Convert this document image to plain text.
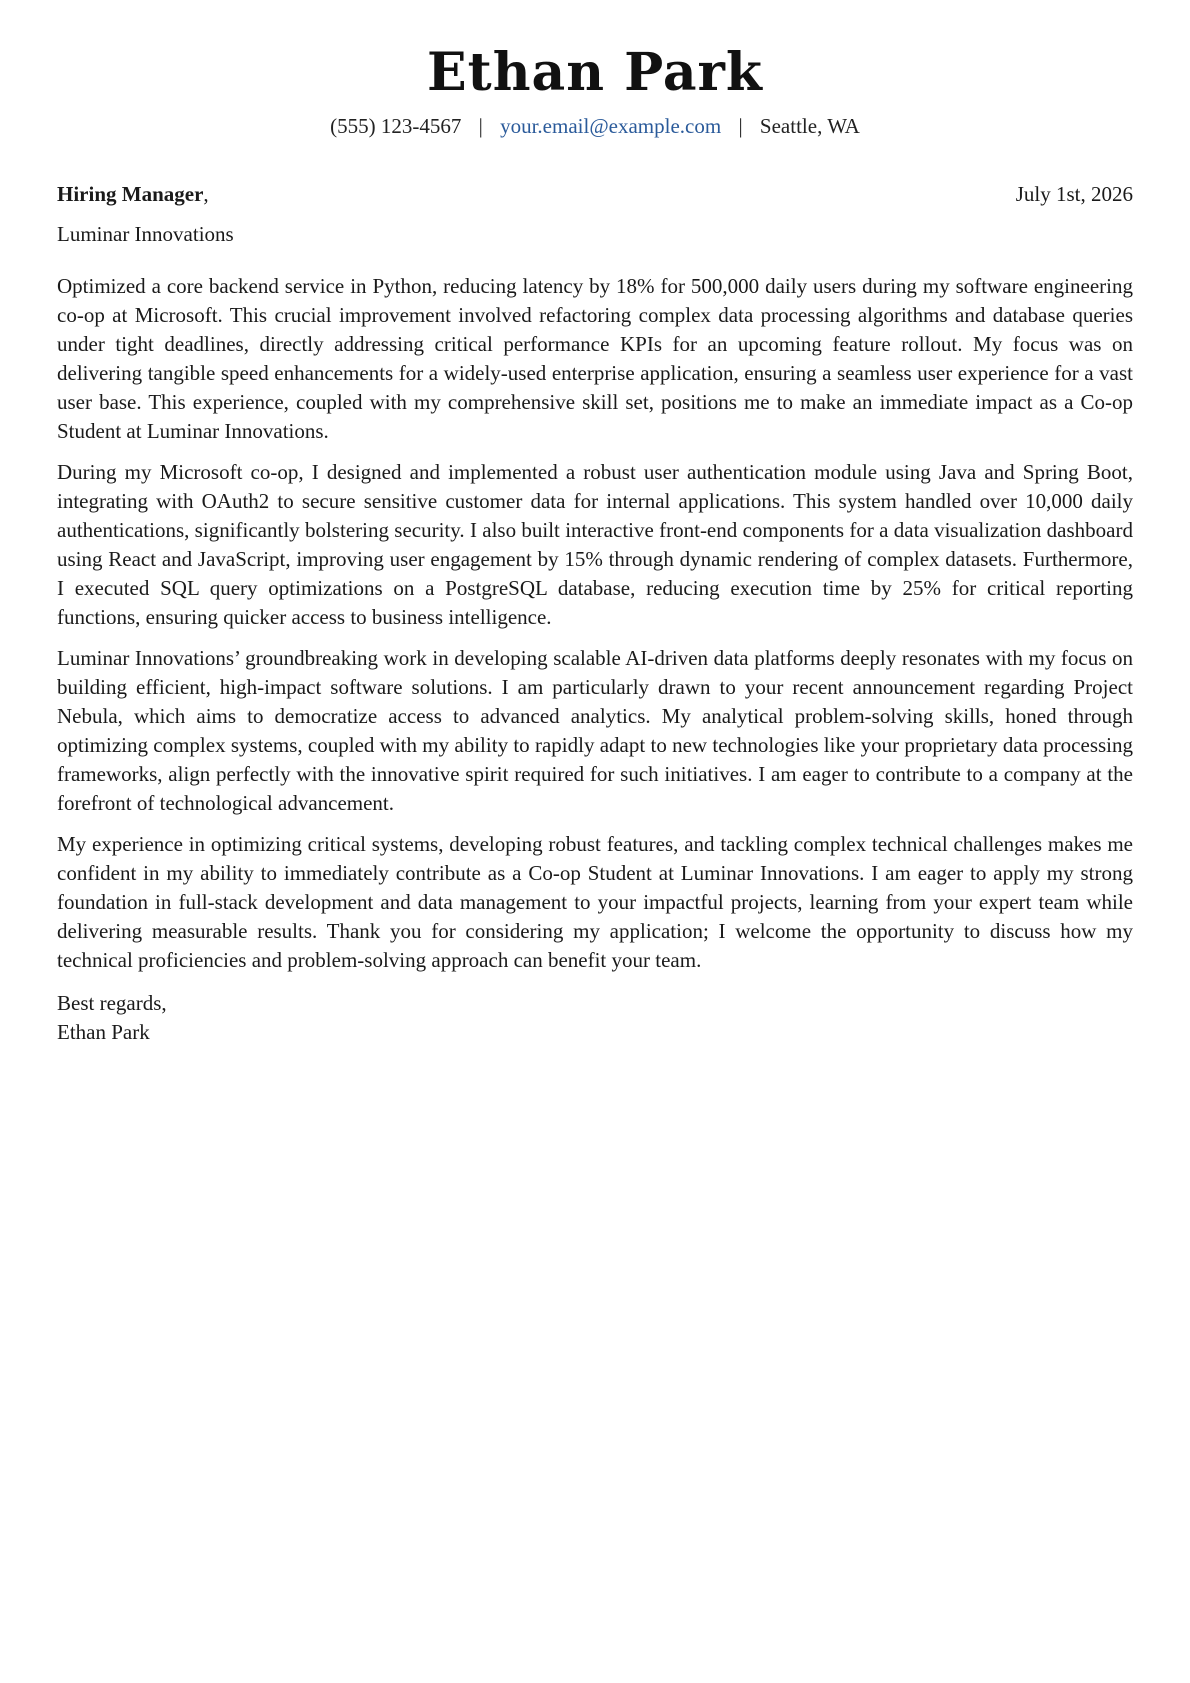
Ethan Park
(555) 123-4567 | your.email@example.com | Seattle, WA
Hiring Manager,	July 1st, 2026
Luminar Innovations

Optimized a core backend service in Python, reducing latency by 18% for 500,000 daily users during my software engineering co-op at Microsoft. This crucial improvement involved refactoring complex data processing algorithms and database queries under tight deadlines, directly addressing critical performance KPIs for an upcoming feature rollout. My focus was on delivering tangible speed enhancements for a widely-used enterprise application, ensuring a seamless user experience for a vast user base. This experience, coupled with my comprehensive skill set, positions me to make an immediate impact as a Co-op Student at Luminar Innovations.

During my Microsoft co-op, I designed and implemented a robust user authentication module using Java and Spring Boot, integrating with OAuth2 to secure sensitive customer data for internal applications. This system handled over 10,000 daily authentications, significantly bolstering security. I also built interactive front-end components for a data visualization dashboard using React and JavaScript, improving user engagement by 15% through dynamic rendering of complex datasets. Furthermore, I executed SQL query optimizations on a PostgreSQL database, reducing execution time by 25% for critical reporting functions, ensuring quicker access to business intelligence.

Luminar Innovations’ groundbreaking work in developing scalable AI-driven data platforms deeply resonates with my focus on building efficient, high-impact software solutions. I am particularly drawn to your recent announcement regarding Project Nebula, which aims to democratize access to advanced analytics. My analytical problem-solving skills, honed through optimizing complex systems, coupled with my ability to rapidly adapt to new technologies like your proprietary data processing frameworks, align perfectly with the innovative spirit required for such initiatives. I am eager to contribute to a company at the forefront of technological advancement.

My experience in optimizing critical systems, developing robust features, and tackling complex technical challenges makes me confident in my ability to immediately contribute as a Co-op Student at Luminar Innovations. I am eager to apply my strong foundation in full-stack development and data management to your impactful projects, learning from your expert team while delivering measurable results. Thank you for considering my application; I welcome the opportunity to discuss how my technical proficiencies and problem-solving approach can benefit your team.

Best regards,
Ethan Park
